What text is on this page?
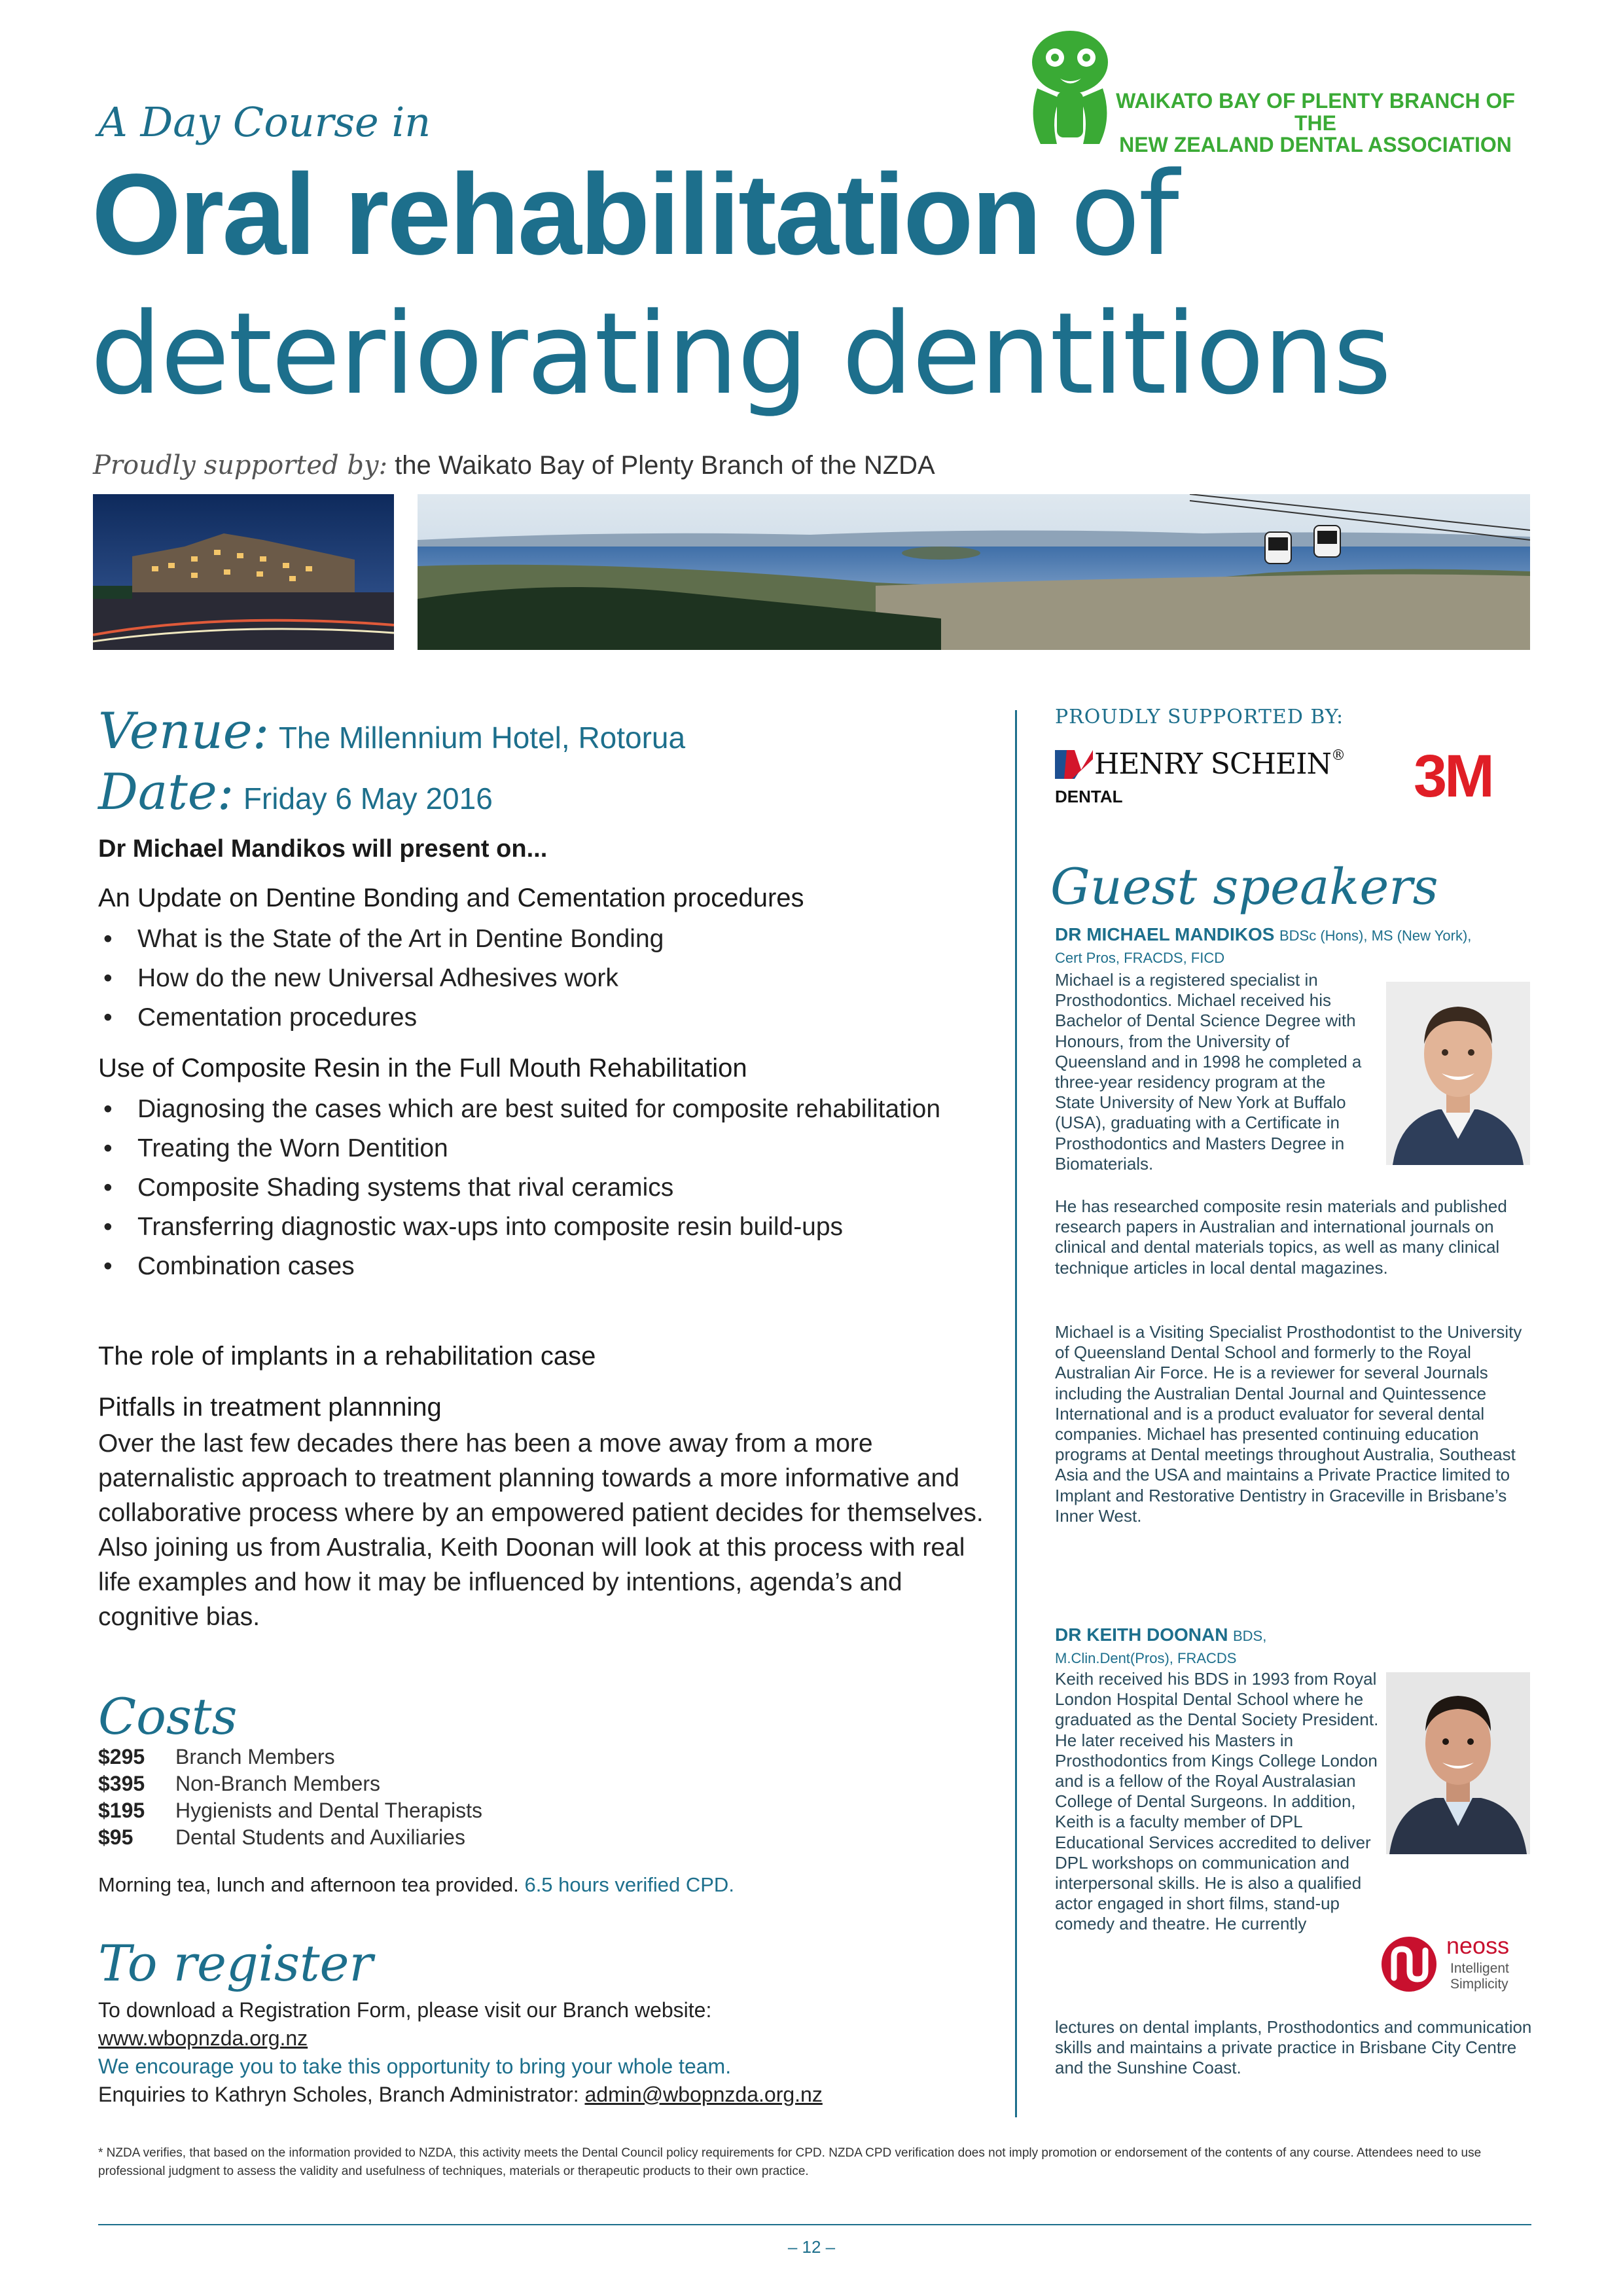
A Day Course in
Oral rehabilitation of
deteriorating dentitions
WAIKATO BAY OF PLENTY BRANCH OF THE
NEW ZEALAND DENTAL ASSOCIATION
Proudly supported by: the Waikato Bay of Plenty Branch of the NZDA
Venue: The Millennium Hotel, Rotorua
Date: Friday 6 May 2016
Dr Michael Mandikos will present on...
An Update on Dentine Bonding and Cementation procedures
• What is the State of the Art in Dentine Bonding
• How do the new Universal Adhesives work
• Cementation procedures
Use of Composite Resin in the Full Mouth Rehabilitation
• Diagnosing the cases which are best suited for composite rehabilitation
• Treating the Worn Dentition
• Composite Shading systems that rival ceramics
• Transferring diagnostic wax-ups into composite resin build-ups
• Combination cases
The role of implants in a rehabilitation case
Pitfalls in treatment plannning

Over the last few decades there has been a move away from a more paternalistic approach to treatment planning towards a more informative and collaborative process where by an empowered patient decides for themselves. Also joining us from Australia, Keith Doonan will look at this process with real life examples and how it may be influenced by intentions, agenda’s and cognitive bias.

Costs
$295	Branch Members
$395	Non-Branch Members
$195	Hygienists and Dental Therapists
$95	Dental Students and Auxiliaries
Morning tea, lunch and afternoon tea provided. 6.5 hours verified CPD.
To register
To download a Registration Form, please visit our Branch website:
www.wbopnzda.org.nz
We encourage you to take this opportunity to bring your whole team.
Enquiries to Kathryn Scholes, Branch Administrator: admin@wbopnzda.org.nz
PROUDLY SUPPORTED BY:
HENRY SCHEIN®
DENTAL	3M
Guest speakers
DR MICHAEL MANDIKOS BDSc (Hons), MS (New York),
Cert Pros, FRACDS, FICD
Michael is a registered specialist in Prosthodontics. Michael received his Bachelor of Dental Science Degree with Honours, from the University of Queensland and in 1998 he completed a three-year residency program at the State University of New York at Buffalo (USA), graduating with a Certificate in Prosthodontics and Masters Degree in Biomaterials.
He has researched composite resin materials and published research papers in Australian and international journals on clinical and dental materials topics, as well as many clinical technique articles in local dental magazines.
Michael is a Visiting Specialist Prosthodontist to the University of Queensland Dental School and formerly to the Royal Australian Air Force. He is a reviewer for several Journals including the Australian Dental Journal and Quintessence International and is a product evaluator for several dental companies. Michael has presented continuing education programs at Dental meetings throughout Australia, Southeast Asia and the USA and maintains a Private Practice limited to Implant and Restorative Dentistry in Graceville in Brisbane’s Inner West.
DR KEITH DOONAN BDS,
M.Clin.Dent(Pros), FRACDS
Keith received his BDS in 1993 from Royal London Hospital Dental School where he graduated as the Dental Society President. He later received his Masters in Prosthodontics from Kings College London and is a fellow of the Royal Australasian College of Dental Surgeons. In addition, Keith is a faculty member of DPL Educational Services accredited to deliver DPL workshops on communication and interpersonal skills. He is also a qualified actor engaged in short films, stand-up comedy and theatre. He currently
lectures on dental implants, Prosthodontics and communication skills and maintains a private practice in Brisbane City Centre and the Sunshine Coast.
neoss
Intelligent
Simplicity
* NZDA verifies, that based on the information provided to NZDA, this activity meets the Dental Council policy requirements for CPD. NZDA CPD verification does not imply promotion or endorsement of the contents of any course. Attendees need to use professional judgment to assess the validity and usefulness of techniques, materials or therapeutic products to their own practice.
– 12 –
